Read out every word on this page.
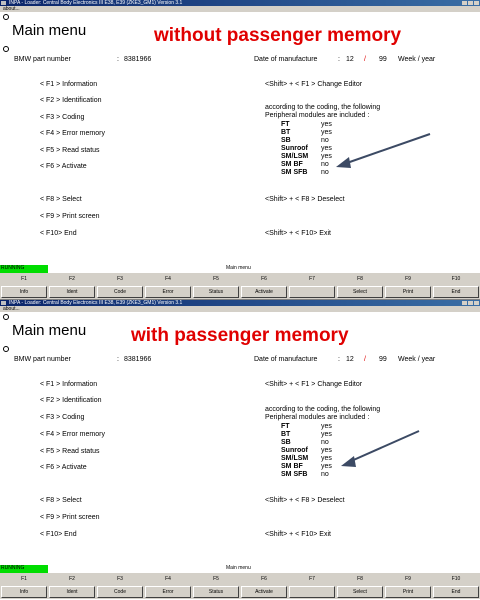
INPA - Loader: Central Body Electronics III E38, E39 (ZKE3_GM1) Version 3.1
about...
Main menu	without passenger memory
BMW part number	: 8381966	Date of manufacture	: 12 / 99 Week / year
< F1 > Information
< F2 > Identification
< F3 > Coding
< F4 > Error memory
< F5 > Read status
< F6 > Activate
< F8 > Select
< F9 > Print screen
< F10> End
<Shift> + < F1 > Change Editor
<Shift> + < F8 > Deselect
<Shift> + < F10> Exit
according to the coding, the following
Peripheral modules are included :
FT	yes
BT	yes
SB	no
Sunroof yes
SM/LSM yes
SM BF	no
SM SFB no
RUNNING	Main menu
F1	F2	F3	F4	F5	F6	F7	F8	F9	F10
Info	Ident	Code	Error	Status	Activate	Select	Print	End
INPA - Loader: Central Body Electronics III E38, E39 (ZKE3_GM1) Version 3.1
about...
Main menu with passenger memory
BMW part number	: 8381966	Date of manufacture	: 12 / 99 Week / year
< F1 > Information
< F2 > Identification
< F3 > Coding
< F4 > Error memory
< F5 > Read status
< F6 > Activate
< F8 > Select
< F9 > Print screen
< F10> End
<Shift> + < F1 > Change Editor
<Shift> + < F8 > Deselect
<Shift> + < F10> Exit
according to the coding, the following
Peripheral modules are included :
FT	yes
BT	yes
SB	no
Sunroof yes
SM/LSM yes
SM BF	yes
SM SFB no
RUNNING	Main menu
F1	F2	F3	F4	F5	F6	F7	F8	F9	F10
Info	Ident	Code	Error	Status	Activate	Select	Print	End
